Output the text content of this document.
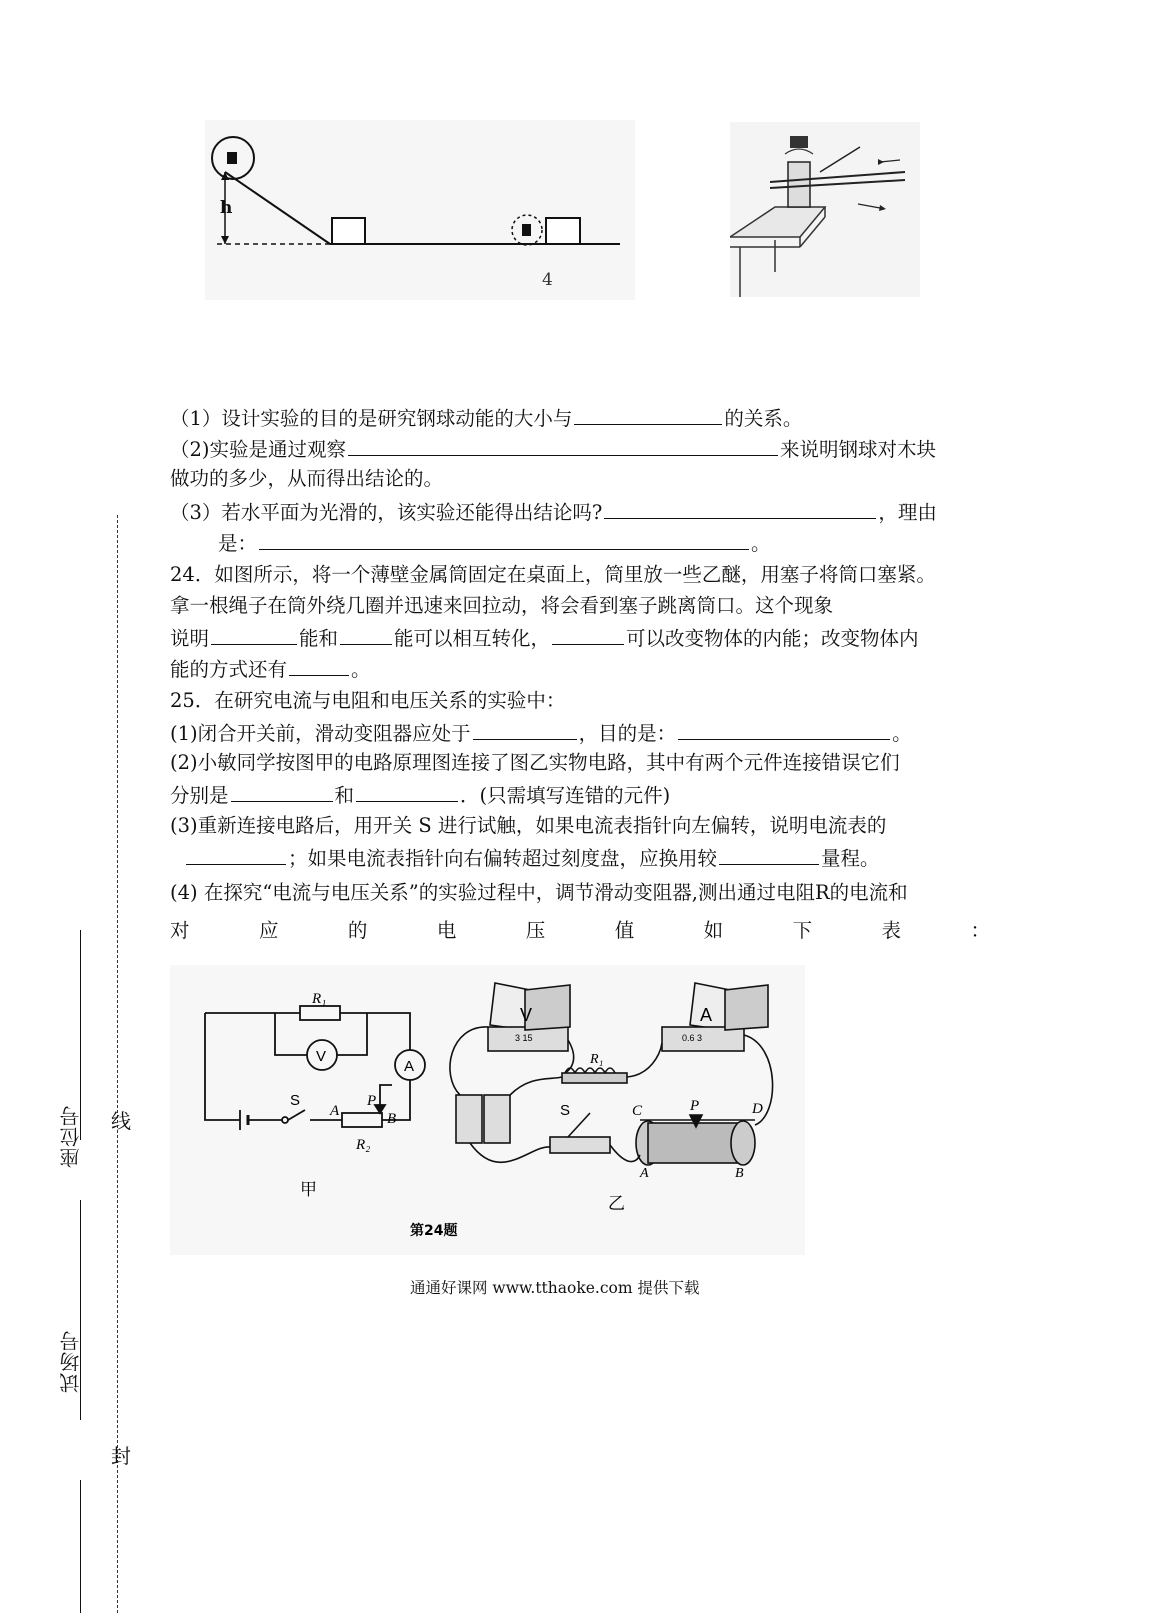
h
4
（1）设计实验的目的是研究钢球动能的大小与	的关系。
（2)实验是通过观察	来说明钢球对木块
做功的多少，从而得出结论的。
（3）若水平面为光滑的，该实验还能得出结论吗?	，理由
是：	。
24．如图所示，将一个薄壁金属筒固定在桌面上，筒里放一些乙醚，用塞子将筒口塞紧。
拿一根绳子在筒外绕几圈并迅速来回拉动，将会看到塞子跳离筒口。这个现象
说明	能和	能可以相互转化，	可以改变物体的内能；改变物体内
能的方式还有	。
25．在研究电流与电阻和电压关系的实验中：
(1)闭合开关前，滑动变阻器应处于	，目的是：	。
(2)小敏同学按图甲的电路原理图连接了图乙实物电路，其中有两个元件连接错误它们
分别是	和	．(只需填写连错的元件)
(3)重新连接电路后，用开关 S 进行试触，如果电流表指针向左偏转，说明电流表的
；如果电流表指针向右偏转超过刻度盘，应换用较	量程。
(4) 在探究“电流与电压关系”的实验过程中，调节滑动变阻器,测出通过电阻R的电流和
对	应	的	电	压	值	如	下	表	：
R₁
V
A
S
A
P
B
R₂
甲
V
3 15
A
0.6 3
R₁
S	C	P	D
A	B
乙
第24题
通通好课网 www.tthaoke.com 提供下载
座位号 线
试场号
封
